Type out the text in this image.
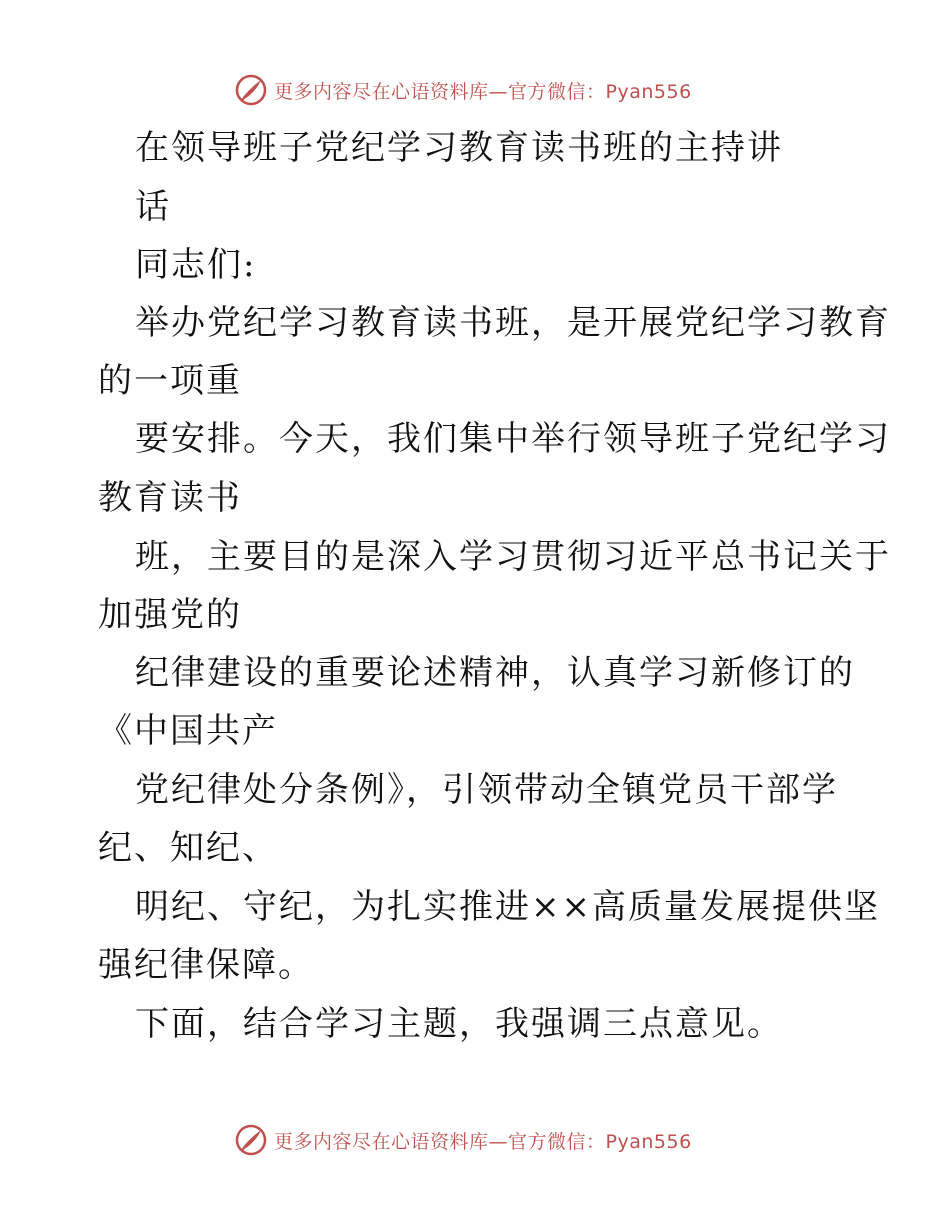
更多内容尽在心语资料库—官方微信：Pyan556
在领导班子党纪学习教育读书班的主持讲
话
同志们:
举办党纪学习教育读书班，是开展党纪学习教育
的一项重
要安排。今天，我们集中举行领导班子党纪学习
教育读书
班，主要目的是深入学习贯彻习近平总书记关于
加强党的
纪律建设的重要论述精神，认真学习新修订的
《中国共产
党纪律处分条例》，引领带动全镇党员干部学
纪、知纪、
明纪、守纪，为扎实推进××高质量发展提供坚
强纪律保障。
下面，结合学习主题，我强调三点意见。
更多内容尽在心语资料库—官方微信：Pyan556
